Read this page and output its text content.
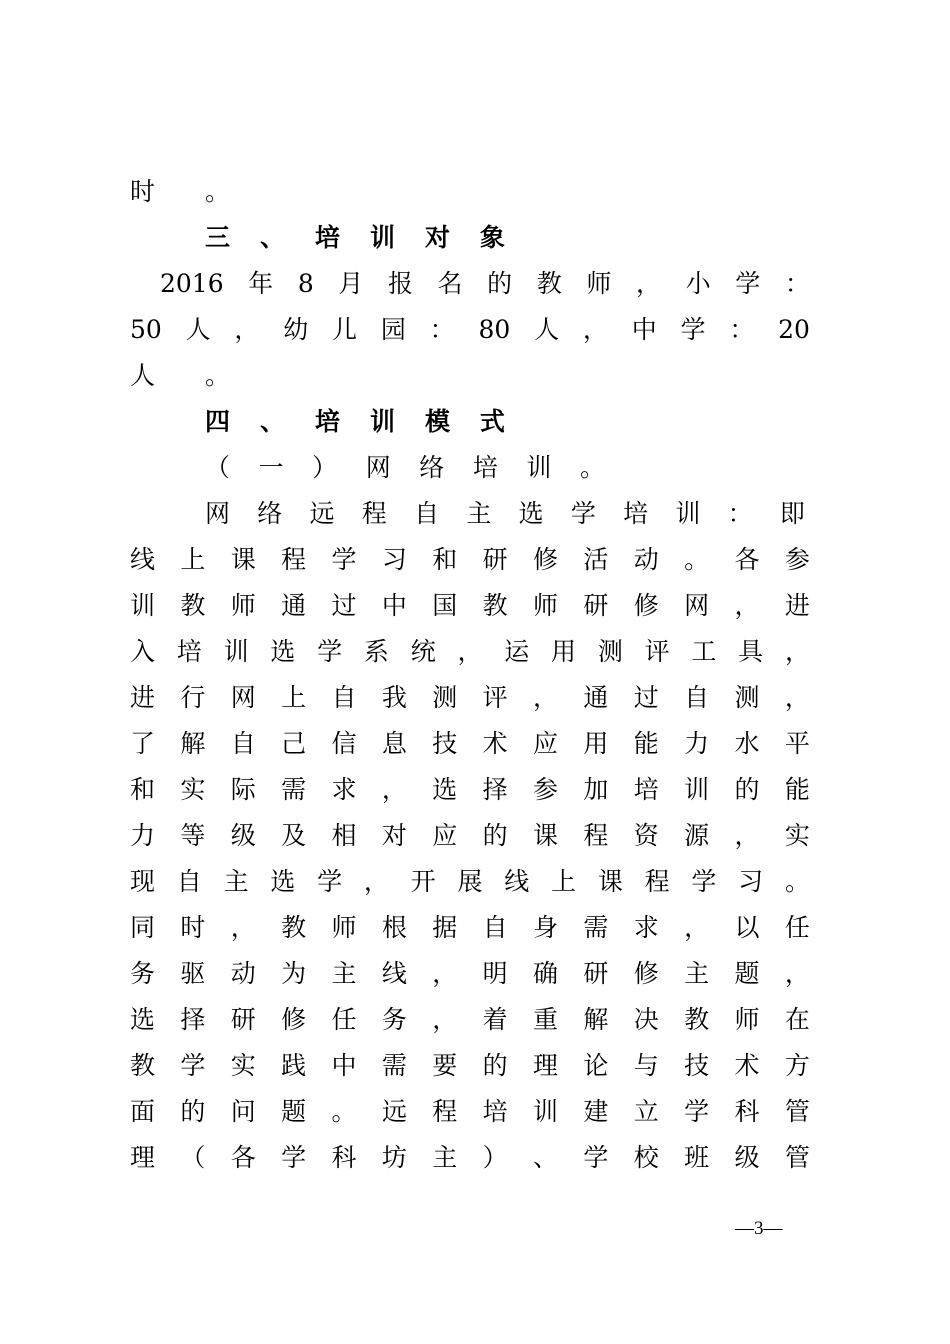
时 。
三 、 培 训 对 象
2016 年 8 月 报 名 的 教 师 ， 小 学 ：
50 人 ， 幼 儿 园 ： 80 人 ， 中 学 ： 20
人 。
四 、 培 训 模 式
（ 一 ） 网 络 培 训 。
网 络 远 程 自 主 选 学 培 训 ： 即
线 上 课 程 学 习 和 研 修 活 动 。 各 参
训 教 师 通 过 中 国 教 师 研 修 网 ， 进
入 培 训 选 学 系 统 ， 运 用 测 评 工 具 ，
进 行 网 上 自 我 测 评 ， 通 过 自 测 ，
了 解 自 己 信 息 技 术 应 用 能 力 水 平
和 实 际 需 求 ， 选 择 参 加 培 训 的 能
力 等 级 及 相 对 应 的 课 程 资 源 ， 实
现 自 主 选 学 ， 开 展 线 上 课 程 学 习 。
同 时 ， 教 师 根 据 自 身 需 求 ， 以 任
务 驱 动 为 主 线 ， 明 确 研 修 主 题 ，
选 择 研 修 任 务 ， 着 重 解 决 教 师 在
教 学 实 践 中 需 要 的 理 论 与 技 术 方
面 的 问 题 。 远 程 培 训 建 立 学 科 管
理 （ 各 学 科 坊 主 ） 、 学 校 班 级 管
—3—
